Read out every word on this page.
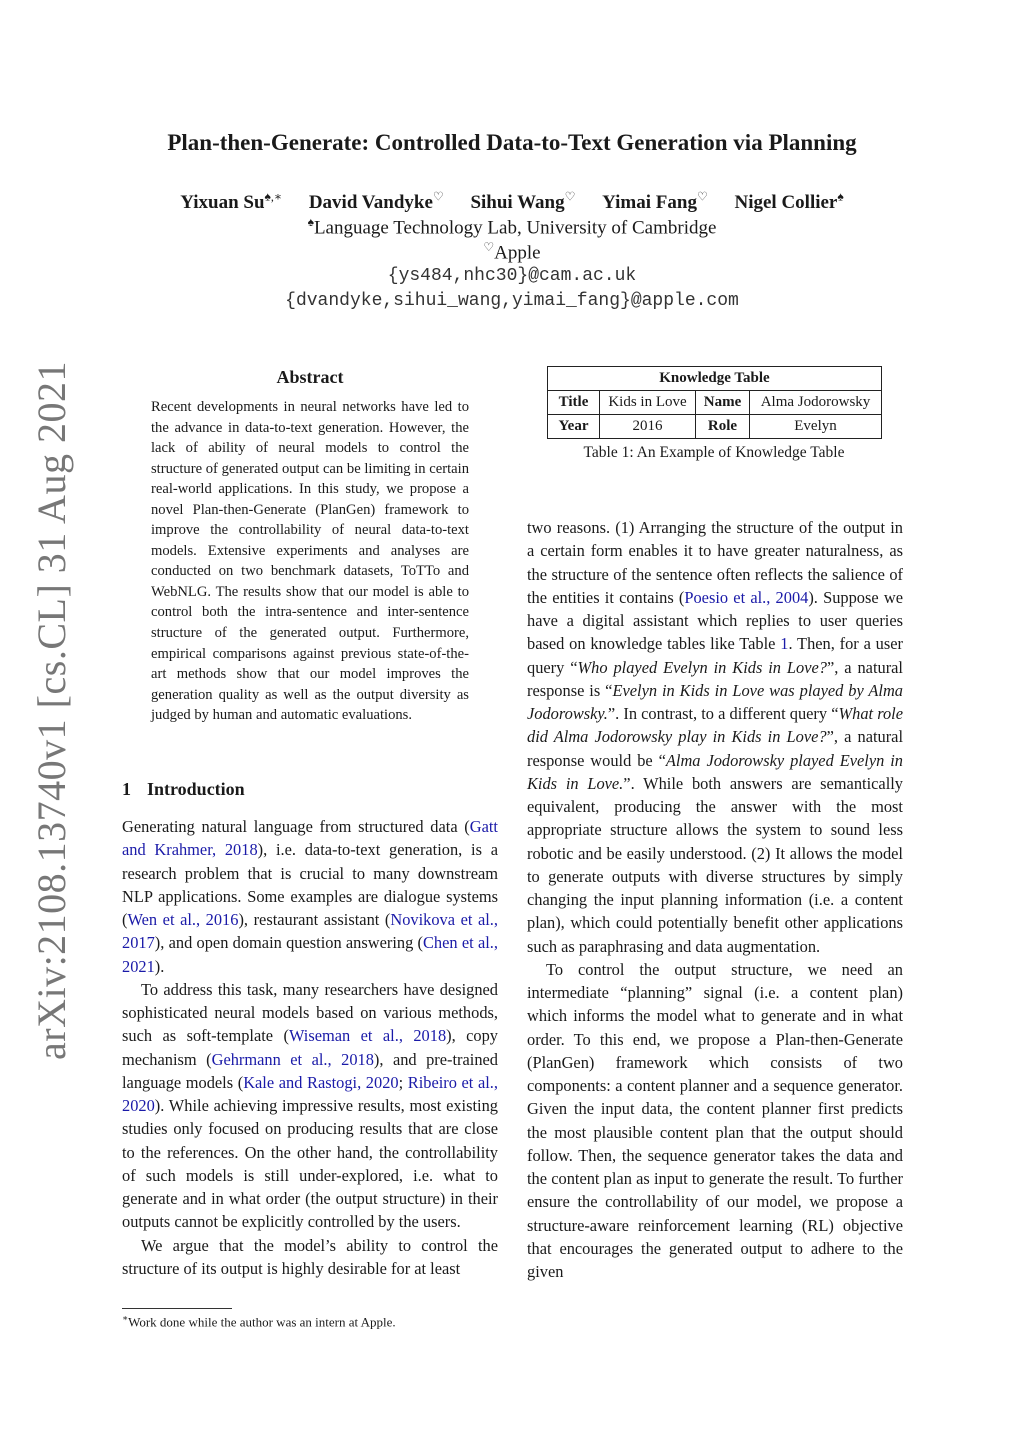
arXiv:2108.13740v1 [cs.CL] 31 Aug 2021
Plan-then-Generate: Controlled Data-to-Text Generation via Planning
Yixuan Su♠,∗ David Vandyke♡ Sihui Wang♡ Yimai Fang♡ Nigel Collier♠
♠Language Technology Lab, University of Cambridge
♡Apple
{ys484,nhc30}@cam.ac.uk
{dvandyke,sihui_wang,yimai_fang}@apple.com
Abstract
Recent developments in neural networks have led to the advance in data-to-text generation. However, the lack of ability of neural models to control the structure of generated output can be limiting in certain real-world applications. In this study, we propose a novel Plan-then-Generate (PlanGen) framework to improve the controllability of neural data-to-text models. Extensive experiments and analyses are conducted on two benchmark datasets, ToTTo and WebNLG. The results show that our model is able to control both the intra-sentence and inter-sentence structure of the generated output. Furthermore, empirical comparisons against previous state-of-the-art methods show that our model improves the generation quality as well as the output diversity as judged by human and automatic evaluations.
1 Introduction

Generating natural language from structured data (Gatt and Krahmer, 2018), i.e. data-to-text generation, is a research problem that is crucial to many downstream NLP applications. Some examples are dialogue systems (Wen et al., 2016), restaurant assistant (Novikova et al., 2017), and open domain question answering (Chen et al., 2021).

To address this task, many researchers have designed sophisticated neural models based on various methods, such as soft-template (Wiseman et al., 2018), copy mechanism (Gehrmann et al., 2018), and pre-trained language models (Kale and Rastogi, 2020; Ribeiro et al., 2020). While achieving impressive results, most existing studies only focused on producing results that are close to the references. On the other hand, the controllability of such models is still under-explored, i.e. what to generate and in what order (the output structure) in their outputs cannot be explicitly controlled by the users.

We argue that the model’s ability to control the structure of its output is highly desirable for at least

∗Work done while the author was an intern at Apple.
Knowledge Table			
Title	Kids in Love	Name	Alma Jodorowsky
Year	2016	Role	Evelyn
Table 1: An Example of Knowledge Table

two reasons. (1) Arranging the structure of the output in a certain form enables it to have greater naturalness, as the structure of the sentence often reflects the salience of the entities it contains (Poesio et al., 2004). Suppose we have a digital assistant which replies to user queries based on knowledge tables like Table 1. Then, for a user query “Who played Evelyn in Kids in Love?”, a natural response is “Evelyn in Kids in Love was played by Alma Jodorowsky.”. In contrast, to a different query “What role did Alma Jodorowsky play in Kids in Love?”, a natural response would be “Alma Jodorowsky played Evelyn in Kids in Love.”. While both answers are semantically equivalent, producing the answer with the most appropriate structure allows the system to sound less robotic and be easily understood. (2) It allows the model to generate outputs with diverse structures by simply changing the input planning information (i.e. a content plan), which could potentially benefit other applications such as paraphrasing and data augmentation.

To control the output structure, we need an intermediate “planning” signal (i.e. a content plan) which informs the model what to generate and in what order. To this end, we propose a Plan-then-Generate (PlanGen) framework which consists of two components: a content planner and a sequence generator. Given the input data, the content planner first predicts the most plausible content plan that the output should follow. Then, the sequence generator takes the data and the content plan as input to generate the result. To further ensure the controllability of our model, we propose a structure-aware reinforcement learning (RL) objective that encourages the generated output to adhere to the given
